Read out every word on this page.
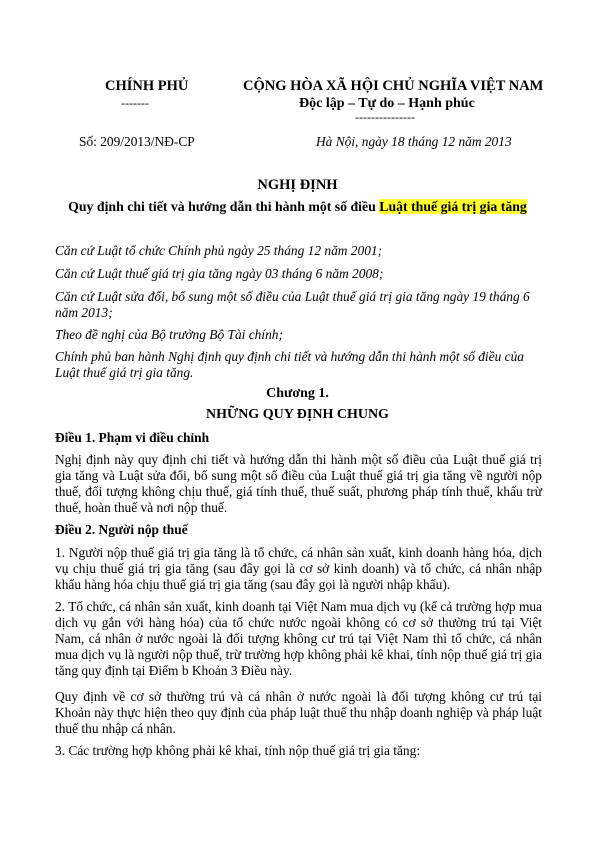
CHÍNH PHỦ
-------
CỘNG HÒA XÃ HỘI CHỦ NGHĨA VIỆT NAM
Độc lập – Tự do – Hạnh phúc
---------------
Số: 209/2013/NĐ-CP	Hà Nội, ngày 18 tháng 12 năm 2013
NGHỊ ĐỊNH
Quy định chi tiết và hướng dẫn thi hành một số điều Luật thuế giá trị gia tăng
Căn cứ Luật tổ chức Chính phủ ngày 25 tháng 12 năm 2001;
Căn cứ Luật thuế giá trị gia tăng ngày 03 tháng 6 năm 2008;
Căn cứ Luật sửa đổi, bổ sung một số điều của Luật thuế giá trị gia tăng ngày 19 tháng 6 năm 2013;
Theo đề nghị của Bộ trưởng Bộ Tài chính;
Chính phủ ban hành Nghị định quy định chi tiết và hướng dẫn thi hành một số điều của Luật thuế giá trị gia tăng.
Chương 1.
NHỮNG QUY ĐỊNH CHUNG
Điều 1. Phạm vi điều chỉnh
Nghị định này quy định chi tiết và hướng dẫn thi hành một số điều của Luật thuế giá trị gia tăng và Luật sửa đổi, bổ sung một số điều của Luật thuế giá trị gia tăng về người nộp thuế, đối tượng không chịu thuế, giá tính thuế, thuế suất, phương pháp tính thuế, khấu trừ thuế, hoàn thuế và nơi nộp thuế.
Điều 2. Người nộp thuế
1. Người nộp thuế giá trị gia tăng là tổ chức, cá nhân sản xuất, kinh doanh hàng hóa, dịch vụ chịu thuế giá trị gia tăng (sau đây gọi là cơ sở kinh doanh) và tổ chức, cá nhân nhập khẩu hàng hóa chịu thuế giá trị gia tăng (sau đây gọi là người nhập khẩu).
2. Tổ chức, cá nhân sản xuất, kinh doanh tại Việt Nam mua dịch vụ (kể cả trường hợp mua dịch vụ gắn với hàng hóa) của tổ chức nước ngoài không có cơ sở thường trú tại Việt Nam, cá nhân ở nước ngoài là đối tượng không cư trú tại Việt Nam thì tổ chức, cá nhân mua dịch vụ là người nộp thuế, trừ trường hợp không phải kê khai, tính nộp thuế giá trị gia tăng quy định tại Điểm b Khoản 3 Điều này.
Quy định về cơ sở thường trú và cá nhân ở nước ngoài là đối tượng không cư trú tại Khoản này thực hiện theo quy định của pháp luật thuế thu nhập doanh nghiệp và pháp luật thuế thu nhập cá nhân.
3. Các trường hợp không phải kê khai, tính nộp thuế giá trị gia tăng:
